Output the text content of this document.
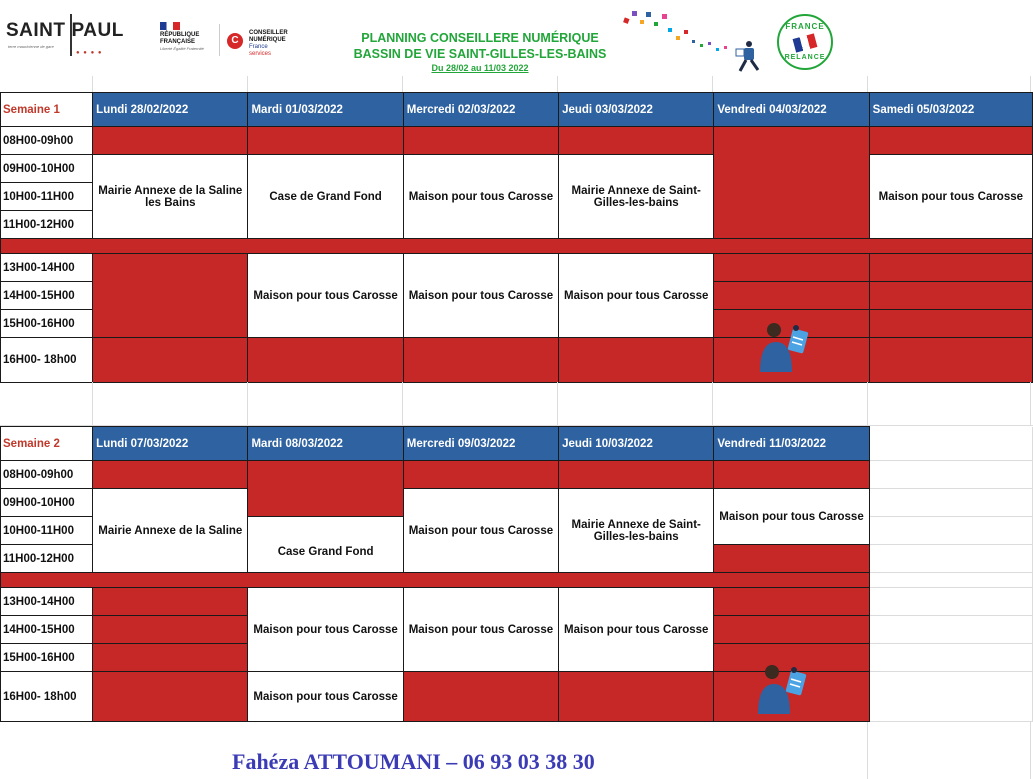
SAINT PAUL
terre mauricienne de gare
● ● ● ●
RÉPUBLIQUE
FRANÇAISE
Liberté Égalité Fraternité
C
CONSEILLER
NUMÉRIQUE
France
services
PLANNING CONSEILLERE NUMÉRIQUE
BASSIN DE VIE SAINT-GILLES-LES-BAINS
Du 28/02 au 11/03 2022
FRANCE
RELANCE
Semaine 1	Lundi 28/02/2022	Mardi 01/03/2022	Mercredi 02/03/2022	Jeudi 03/03/2022	Vendredi 04/03/2022	Samedi 05/03/2022
08H00-09h00						
09H00-10H00	Mairie Annexe de la Saline les Bains	Case de Grand Fond	Maison pour tous Carosse	Mairie Annexe de Saint-Gilles-les-bains		Maison pour tous Carosse
10H00-11H00						
11H00-12H00						

13H00-14H00		Maison pour tous Carosse	Maison pour tous Carosse	Maison pour tous Carosse		
14H00-15H00						
15H00-16H00						
16H00- 18h00						
Semaine 2	Lundi 07/03/2022	Mardi 08/03/2022	Mercredi 09/03/2022	Jeudi 10/03/2022	Vendredi 11/03/2022	
08H00-09h00						
09H00-10H00	Mairie Annexe de la Saline		Maison pour tous Carosse	Mairie Annexe de Saint-Gilles-les-bains	Maison pour tous Carosse	
10H00-11H00		Case Grand Fond				
11H00-12H00						

13H00-14H00		Maison pour tous Carosse	Maison pour tous Carosse	Maison pour tous Carosse		
14H00-15H00						
15H00-16H00						
16H00- 18h00		Maison pour tous Carosse				
Fahéza ATTOUMANI – 06 93 03 38 30
